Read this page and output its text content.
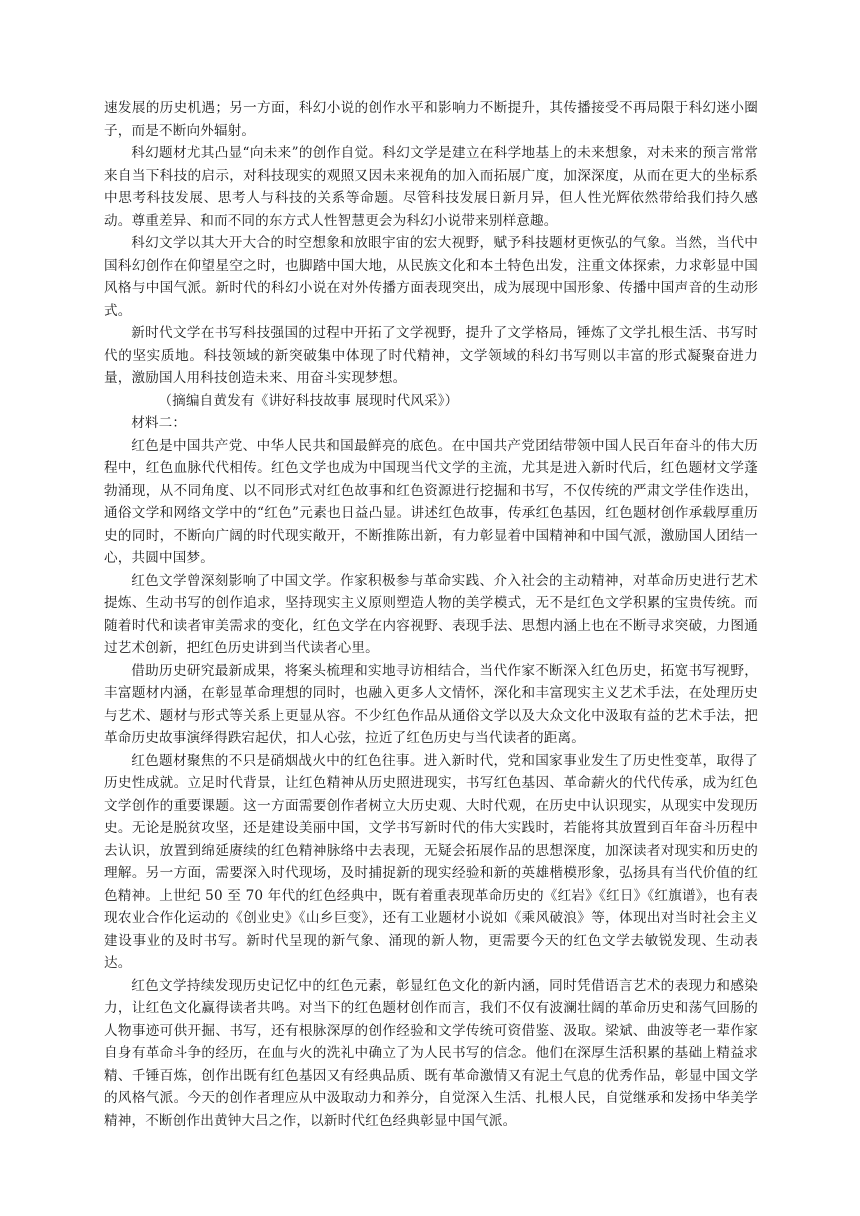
速发展的历史机遇；另一方面，科幻小说的创作水平和影响力不断提升，其传播接受不再局限于科幻迷小圈子，而是不断向外辐射。

科幻题材尤其凸显“向未来”的创作自觉。科幻文学是建立在科学地基上的未来想象，对未来的预言常常来自当下科技的启示，对科技现实的观照又因未来视角的加入而拓展广度，加深深度，从而在更大的坐标系中思考科技发展、思考人与科技的关系等命题。尽管科技发展日新月异，但人性光辉依然带给我们持久感动。尊重差异、和而不同的东方式人性智慧更会为科幻小说带来别样意趣。

科幻文学以其大开大合的时空想象和放眼宇宙的宏大视野，赋予科技题材更恢弘的气象。当然，当代中国科幻创作在仰望星空之时，也脚踏中国大地，从民族文化和本土特色出发，注重文体探索，力求彰显中国风格与中国气派。新时代的科幻小说在对外传播方面表现突出，成为展现中国形象、传播中国声音的生动形式。

新时代文学在书写科技强国的过程中开拓了文学视野，提升了文学格局，锤炼了文学扎根生活、书写时代的坚实质地。科技领域的新突破集中体现了时代精神，文学领域的科幻书写则以丰富的形式凝聚奋进力量，激励国人用科技创造未来、用奋斗实现梦想。

（摘编自黄发有《讲好科技故事 展现时代风采》）

材料二：

红色是中国共产党、中华人民共和国最鲜亮的底色。在中国共产党团结带领中国人民百年奋斗的伟大历程中，红色血脉代代相传。红色文学也成为中国现当代文学的主流，尤其是进入新时代后，红色题材文学蓬勃涌现，从不同角度、以不同形式对红色故事和红色资源进行挖掘和书写，不仅传统的严肃文学佳作迭出，通俗文学和网络文学中的“红色”元素也日益凸显。讲述红色故事，传承红色基因，红色题材创作承载厚重历史的同时，不断向广阔的时代现实敞开，不断推陈出新，有力彰显着中国精神和中国气派，激励国人团结一心，共圆中国梦。

红色文学曾深刻影响了中国文学。作家积极参与革命实践、介入社会的主动精神，对革命历史进行艺术提炼、生动书写的创作追求，坚持现实主义原则塑造人物的美学模式，无不是红色文学积累的宝贵传统。而随着时代和读者审美需求的变化，红色文学在内容视野、表现手法、思想内涵上也在不断寻求突破，力图通过艺术创新，把红色历史讲到当代读者心里。

借助历史研究最新成果，将案头梳理和实地寻访相结合，当代作家不断深入红色历史，拓宽书写视野，丰富题材内涵，在彰显革命理想的同时，也融入更多人文情怀，深化和丰富现实主义艺术手法，在处理历史与艺术、题材与形式等关系上更显从容。不少红色作品从通俗文学以及大众文化中汲取有益的艺术手法，把革命历史故事演绎得跌宕起伏，扣人心弦，拉近了红色历史与当代读者的距离。

红色题材聚焦的不只是硝烟战火中的红色往事。进入新时代，党和国家事业发生了历史性变革，取得了历史性成就。立足时代背景，让红色精神从历史照进现实，书写红色基因、革命薪火的代代传承，成为红色文学创作的重要课题。这一方面需要创作者树立大历史观、大时代观，在历史中认识现实，从现实中发现历史。无论是脱贫攻坚，还是建设美丽中国，文学书写新时代的伟大实践时，若能将其放置到百年奋斗历程中去认识，放置到绵延赓续的红色精神脉络中去表现，无疑会拓展作品的思想深度，加深读者对现实和历史的理解。另一方面，需要深入时代现场，及时捕捉新的现实经验和新的英雄楷模形象，弘扬具有当代价值的红色精神。上世纪 50 至 70 年代的红色经典中，既有着重表现革命历史的《红岩》《红日》《红旗谱》，也有表现农业合作化运动的《创业史》《山乡巨变》，还有工业题材小说如《乘风破浪》等，体现出对当时社会主义建设事业的及时书写。新时代呈现的新气象、涌现的新人物，更需要今天的红色文学去敏锐发现、生动表达。

红色文学持续发现历史记忆中的红色元素，彰显红色文化的新内涵，同时凭借语言艺术的表现力和感染力，让红色文化赢得读者共鸣。对当下的红色题材创作而言，我们不仅有波澜壮阔的革命历史和荡气回肠的人物事迹可供开掘、书写，还有根脉深厚的创作经验和文学传统可资借鉴、汲取。梁斌、曲波等老一辈作家自身有革命斗争的经历，在血与火的洗礼中确立了为人民书写的信念。他们在深厚生活积累的基础上精益求精、千锤百炼，创作出既有红色基因又有经典品质、既有革命激情又有泥土气息的优秀作品，彰显中国文学的风格气派。今天的创作者理应从中汲取动力和养分，自觉深入生活、扎根人民，自觉继承和发扬中华美学精神，不断创作出黄钟大吕之作，以新时代红色经典彰显中国气派。
